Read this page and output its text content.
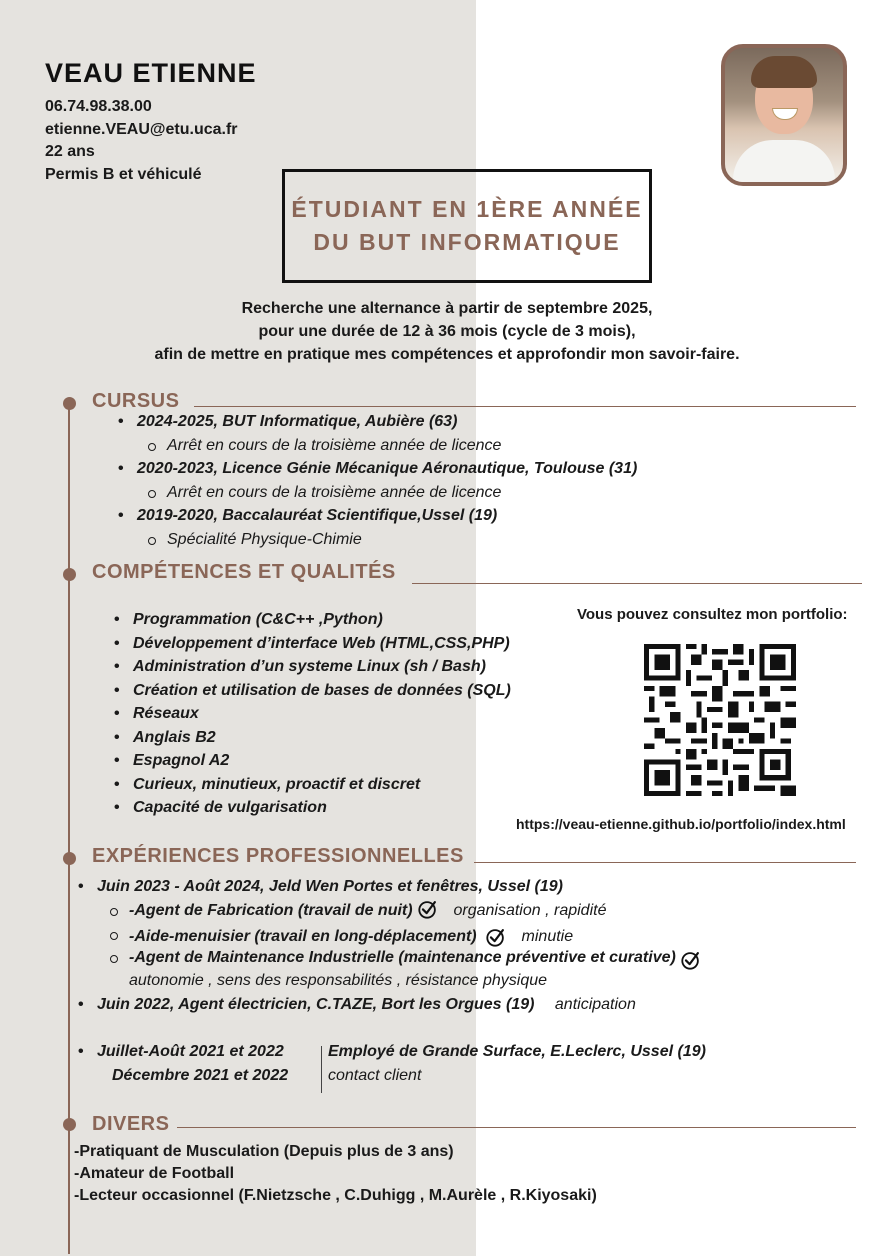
VEAU ETIENNE
06.74.98.38.00
etienne.VEAU@etu.uca.fr
22 ans
Permis B et véhiculé
ÉTUDIANT EN 1ÈRE ANNÉE
DU BUT INFORMATIQUE
Recherche une alternance à partir de septembre 2025,
pour une durée de 12 à 36 mois (cycle de 3 mois),
afin de mettre en pratique mes compétences et approfondir mon savoir-faire.
CURSUS
• 2024-2025, BUT Informatique, Aubière (63)
Arrêt en cours de la troisième année de licence
• 2020-2023, Licence Génie Mécanique Aéronautique, Toulouse (31)
Arrêt en cours de la troisième année de licence
• 2019-2020, Baccalauréat Scientifique,Ussel (19)
Spécialité Physique-Chimie
COMPÉTENCES ET QUALITÉS
• Programmation (C&C++ ,Python)
• Développement d’interface Web (HTML,CSS,PHP)
• Administration d’un systeme Linux (sh / Bash)
• Création et utilisation de bases de données (SQL)
• Réseaux
• Anglais B2
• Espagnol A2
• Curieux, minutieux, proactif et discret
• Capacité de vulgarisation
Vous pouvez consultez mon portfolio:
https://veau-etienne.github.io/portfolio/index.html
EXPÉRIENCES PROFESSIONNELLES
• Juin 2023 - Août 2024, Jeld Wen Portes et fenêtres, Ussel (19)
-Agent de Fabrication (travail de nuit)	organisation , rapidité
-Aide-menuisier (travail en long-déplacement)	minutie
-Agent de Maintenance Industrielle (maintenance préventive et curative)
autonomie , sens des responsabilités , résistance physique
• Juin 2022, Agent électricien, C.TAZE, Bort les Orgues (19) anticipation
• Juillet-Août 2021 et 2022
Décembre 2021 et 2022
Employé de Grande Surface, E.Leclerc, Ussel (19)
contact client
DIVERS
-Pratiquant de Musculation (Depuis plus de 3 ans)
-Amateur de Football
-Lecteur occasionnel (F.Nietzsche , C.Duhigg , M.Aurèle , R.Kiyosaki)
